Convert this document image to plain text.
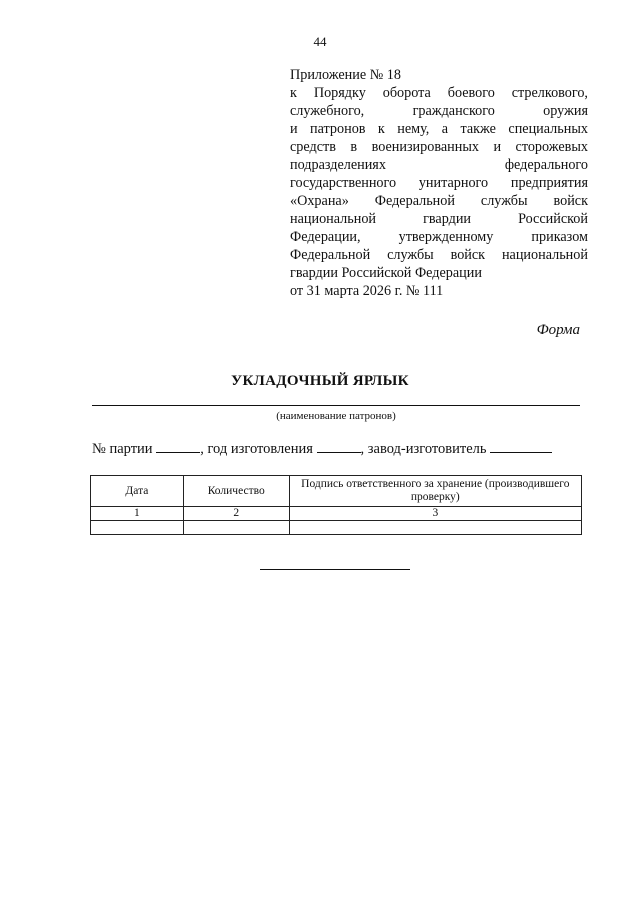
44
Приложение № 18
к Порядку оборота боевого стрелкового,
служебного,	гражданского	оружия
и патронов к нему, а также специальных
средств в военизированных и сторожевых
подразделениях	федерального
государственного унитарного предприятия
«Охрана» Федеральной службы войск
национальной	гвардии	Российской
Федерации,	утвержденному	приказом
Федеральной службы войск национальной
гвардии Российской Федерации
от 31 марта 2026 г. № 111
Форма
УКЛАДОЧНЫЙ ЯРЛЫК
(наименование патронов)
№ партии	, год изготовления	, завод-изготовитель
Дата	Количество	Подпись ответственного за хранение (производившего проверку)
1	2	3
